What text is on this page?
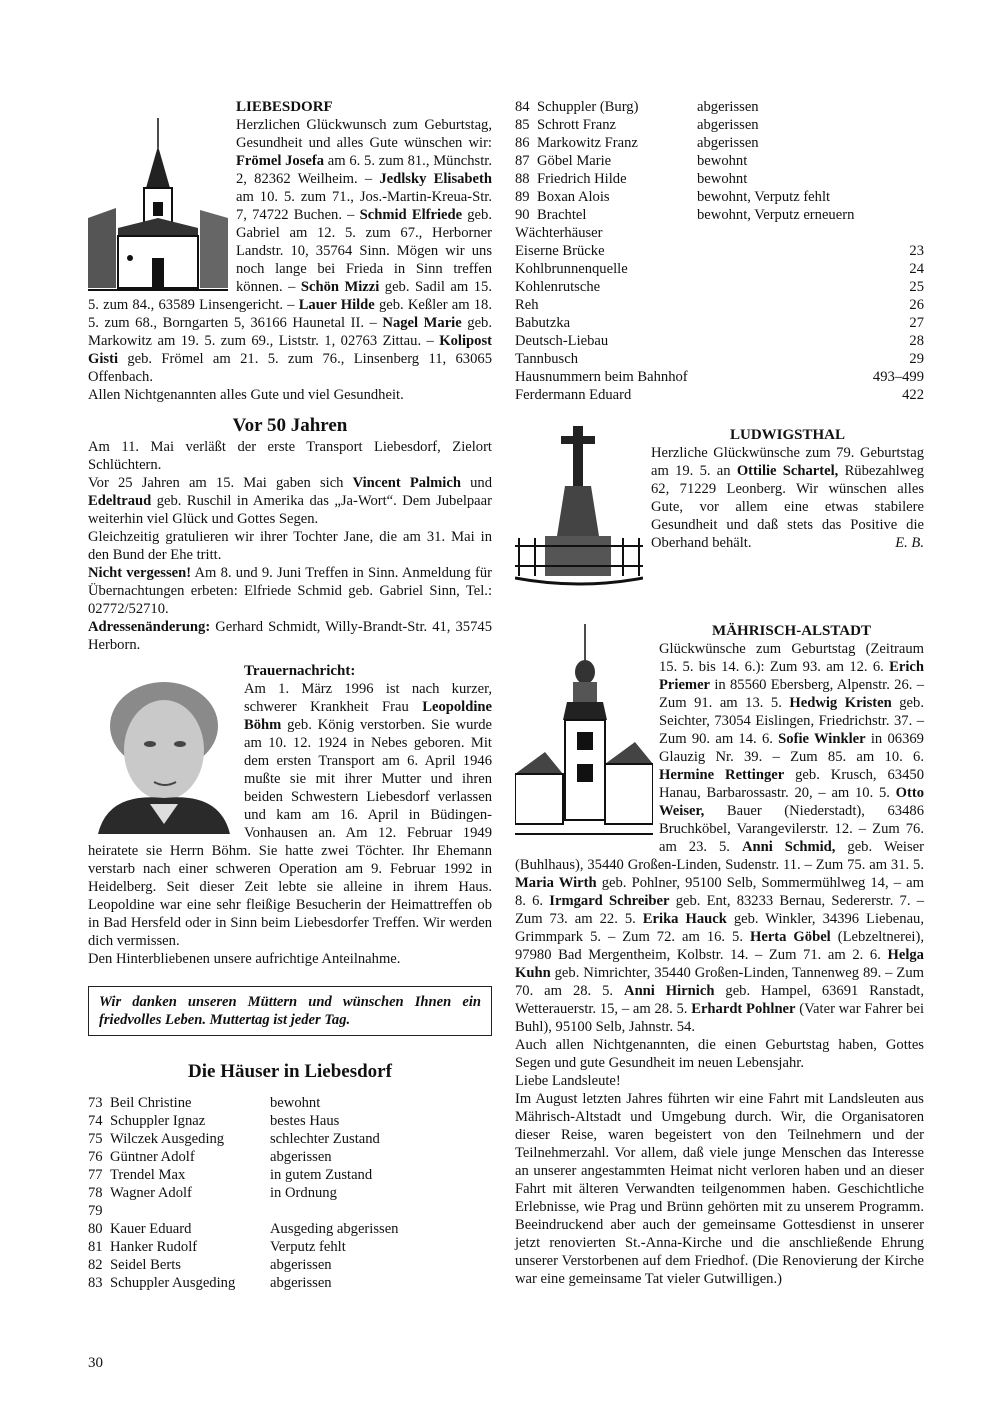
LIEBESDORF
Herzlichen Glückwunsch zum Geburtstag, Gesundheit und alles Gute wünschen wir: Frömel Josefa am 6. 5. zum 81., Münchstr. 2, 82362 Weilheim. – Jedlsky Elisabeth am 10. 5. zum 71., Jos.-Martin-Kreua-Str. 7, 74722 Buchen. – Schmid Elfriede geb. Gabriel am 12. 5. zum 67., Herborner Landstr. 10, 35764 Sinn. Mögen wir uns noch lange bei Frieda in Sinn treffen können. – Schön Mizzi geb. Sadil am 15. 5. zum 84., 63589 Linsengericht. – Lauer Hilde geb. Keßler am 18. 5. zum 68., Borngarten 5, 36166 Haunetal II. – Nagel Marie geb. Markowitz am 19. 5. zum 69., Liststr. 1, 02763 Zittau. – Kolipost Gisti geb. Frömel am 21. 5. zum 76., Linsenberg 11, 63065 Offenbach.

Allen Nichtgenannten alles Gute und viel Gesundheit.

Vor 50 Jahren

Am 11. Mai verläßt der erste Transport Liebesdorf, Zielort Schlüchtern.

Vor 25 Jahren am 15. Mai gaben sich Vincent Palmich und Edeltraud geb. Ruschil in Amerika das „Ja-Wort“. Dem Jubelpaar weiterhin viel Glück und Gottes Segen.

Gleichzeitig gratulieren wir ihrer Tochter Jane, die am 31. Mai in den Bund der Ehe tritt.

Nicht vergessen! Am 8. und 9. Juni Treffen in Sinn. Anmeldung für Übernachtungen erbeten: Elfriede Schmid geb. Gabriel Sinn, Tel.: 02772/52710.

Adressenänderung: Gerhard Schmidt, Willy-Brandt-Str. 41, 35745 Herborn.

Trauernachricht:
Am 1. März 1996 ist nach kurzer, schwerer Krankheit Frau Leopoldine Böhm geb. König verstorben. Sie wurde am 10. 12. 1924 in Nebes geboren. Mit dem ersten Transport am 6. April 1946 mußte sie mit ihrer Mutter und ihren beiden Schwestern Liebesdorf verlassen und kam am 16. April in Büdingen-Vonhausen an. Am 12. Februar 1949 heiratete sie Herrn Böhm. Sie hatte zwei Töchter. Ihr Ehemann verstarb nach einer schweren Operation am 9. Februar 1992 in Heidelberg. Seit dieser Zeit lebte sie alleine in ihrem Haus. Leopoldine war eine sehr fleißige Besucherin der Heimattreffen ob in Bad Hersfeld oder in Sinn beim Liebesdorfer Treffen. Wir werden dich vermissen.

Den Hinterbliebenen unsere aufrichtige Anteilnahme.

Wir danken unseren Müttern und wünschen Ihnen ein friedvolles Leben. Muttertag ist jeder Tag.
Die Häuser in Liebesdorf
73	Beil Christine	bewohnt
74	Schuppler Ignaz	bestes Haus
75	Wilczek Ausgeding	schlechter Zustand
76	Güntner Adolf	abgerissen
77	Trendel Max	in gutem Zustand
78	Wagner Adolf	in Ordnung
79		
80	Kauer Eduard	Ausgeding abgerissen
81	Hanker Rudolf	Verputz fehlt
82	Seidel Berts	abgerissen
83	Schuppler Ausgeding	abgerissen
84	Schuppler (Burg)	abgerissen
85	Schrott Franz	abgerissen
86	Markowitz Franz	abgerissen
87	Göbel Marie	bewohnt
88	Friedrich Hilde	bewohnt
89	Boxan Alois	bewohnt, Verputz fehlt
90	Brachtel	bewohnt, Verputz erneuern

Wächterhäuser

Eiserne Brücke	23
Kohlbrunnenquelle	24
Kohlenrutsche	25
Reh	26
Babutzka	27
Deutsch-Liebau	28
Tannbusch	29
Hausnummern beim Bahnhof	493–499
Ferdermann Eduard	422
LUDWIGSTHAL
Herzliche Glückwünsche zum 79. Geburtstag am 19. 5. an Ottilie Schartel, Rübezahlweg 62, 71229 Leonberg. Wir wünschen alles Gute, vor allem eine etwas stabilere Gesundheit und daß stets das Positive die Oberhand behält.	E. B.
MÄHRISCH-ALSTADT
Glückwünsche zum Geburtstag (Zeitraum 15. 5. bis 14. 6.): Zum 93. am 12. 6. Erich Priemer in 85560 Ebersberg, Alpenstr. 26. – Zum 91. am 13. 5. Hedwig Kristen geb. Seichter, 73054 Eislingen, Friedrichstr. 37. – Zum 90. am 14. 6. Sofie Winkler in 06369 Glauzig Nr. 39. – Zum 85. am 10. 6. Hermine Rettinger geb. Krusch, 63450 Hanau, Barbarossastr. 20, – am 10. 5. Otto Weiser, Bauer (Niederstadt), 63486 Bruchköbel, Varangevilerstr. 12. – Zum 76. am 23. 5. Anni Schmid, geb. Weiser (Buhlhaus), 35440 Großen-Linden, Sudenstr. 11. – Zum 75. am 31. 5. Maria Wirth geb. Pohlner, 95100 Selb, Sommermühlweg 14, – am 8. 6. Irmgard Schreiber geb. Ent, 83233 Bernau, Sedererstr. 7. – Zum 73. am 22. 5. Erika Hauck geb. Winkler, 34396 Liebenau, Grimmpark 5. – Zum 72. am 16. 5. Herta Göbel (Lebzeltnerei), 97980 Bad Mergentheim, Kolbstr. 14. – Zum 71. am 2. 6. Helga Kuhn geb. Nimrichter, 35440 Großen-Linden, Tannenweg 89. – Zum 70. am 28. 5. Anni Hirnich geb. Hampel, 63691 Ranstadt, Wetterauerstr. 15, – am 28. 5. Erhardt Pohlner (Vater war Fahrer bei Buhl), 95100 Selb, Jahnstr. 54.

Auch allen Nichtgenannten, die einen Geburtstag haben, Gottes Segen und gute Gesundheit im neuen Lebensjahr.

Liebe Landsleute!

Im August letzten Jahres führten wir eine Fahrt mit Landsleuten aus Mährisch-Altstadt und Umgebung durch. Wir, die Organisatoren dieser Reise, waren begeistert von den Teilnehmern und der Teilnehmerzahl. Vor allem, daß viele junge Menschen das Interesse an unserer angestammten Heimat nicht verloren haben und an dieser Fahrt mit älteren Verwandten teilgenommen haben. Geschichtliche Erlebnisse, wie Prag und Brünn gehörten mit zu unserem Programm. Beeindruckend aber auch der gemeinsame Gottesdienst in unserer jetzt renovierten St.-Anna-Kirche und die anschließende Ehrung unserer Verstorbenen auf dem Friedhof. (Die Renovierung der Kirche war eine gemeinsame Tat vieler Gutwilligen.)

30
